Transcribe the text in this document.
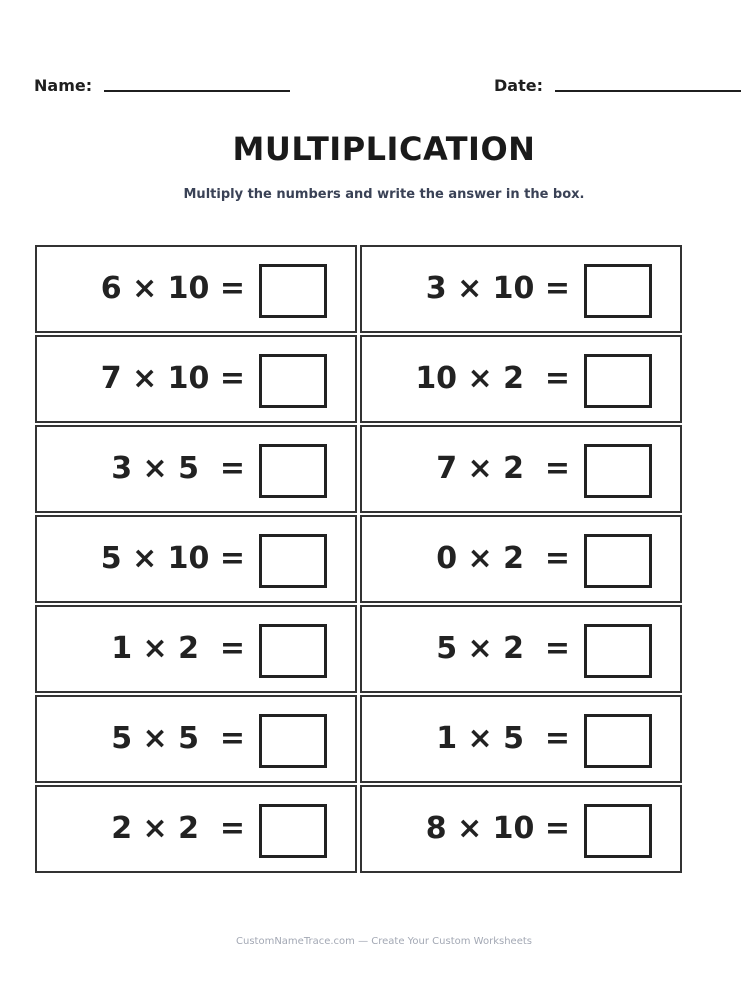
Name:	Date:
MULTIPLICATION
Multiply the numbers and write the answer in the box.
6 × 10 =	3 × 10 =
7 × 10 =	10 × 2  =
3 × 5  =	7 × 2  =
5 × 10 =	0 × 2  =
1 × 2  =	5 × 2  =
5 × 5  =	1 × 5  =
2 × 2  =	8 × 10 =
CustomNameTrace.com — Create Your Custom Worksheets
